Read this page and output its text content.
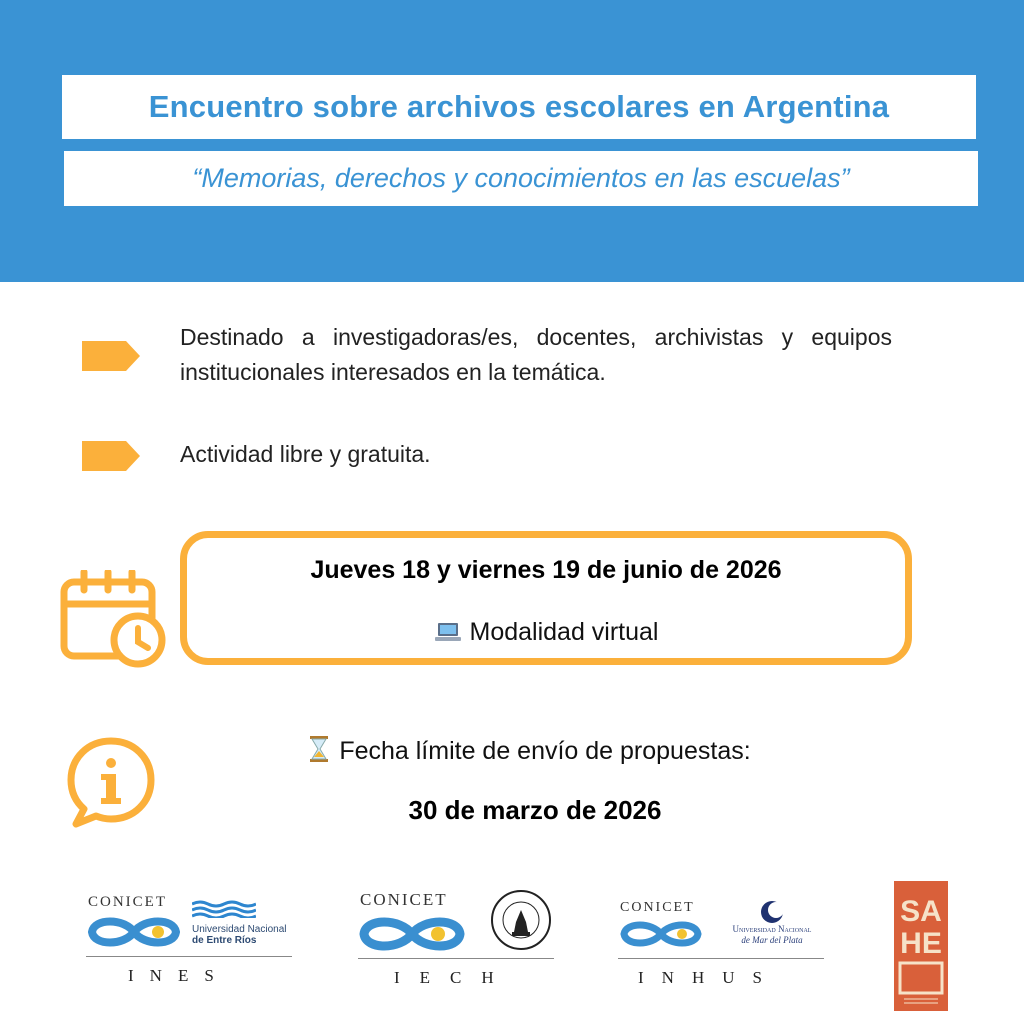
Encuentro sobre archivos escolares en Argentina
“Memorias, derechos y conocimientos en las escuelas”
Destinado a investigadoras/es, docentes, archivistas y equipos institucionales interesados en la temática.
Actividad libre y gratuita.
Jueves 18 y viernes 19 de junio de 2026
Modalidad virtual
Fecha límite de envío de propuestas:
30 de marzo de 2026
CONICET
Universidad Nacional
de Entre Ríos
INES
CONICET
IECH
CONICET
Universidad Nacional
de Mar del Plata
INHUS
SA
HE
